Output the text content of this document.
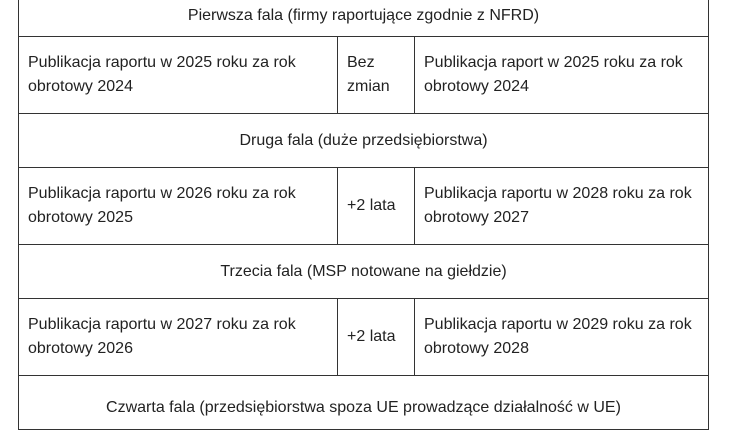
Pierwsza fala (firmy raportujące zgodnie z NFRD)		
Publikacja raportu w 2025 roku za rok obrotowy 2024	Bez zmian	Publikacja raport w 2025 roku za rok obrotowy 2024
Druga fala (duże przedsiębiorstwa)		
Publikacja raportu w 2026 roku za rok obrotowy 2025	+2 lata	Publikacja raportu w 2028 roku za rok obrotowy 2027
Trzecia fala (MSP notowane na giełdzie)		
Publikacja raportu w 2027 roku za rok obrotowy 2026	+2 lata	Publikacja raportu w 2029 roku za rok obrotowy 2028
Czwarta fala (przedsiębiorstwa spoza UE prowadzące działalność w UE)		
